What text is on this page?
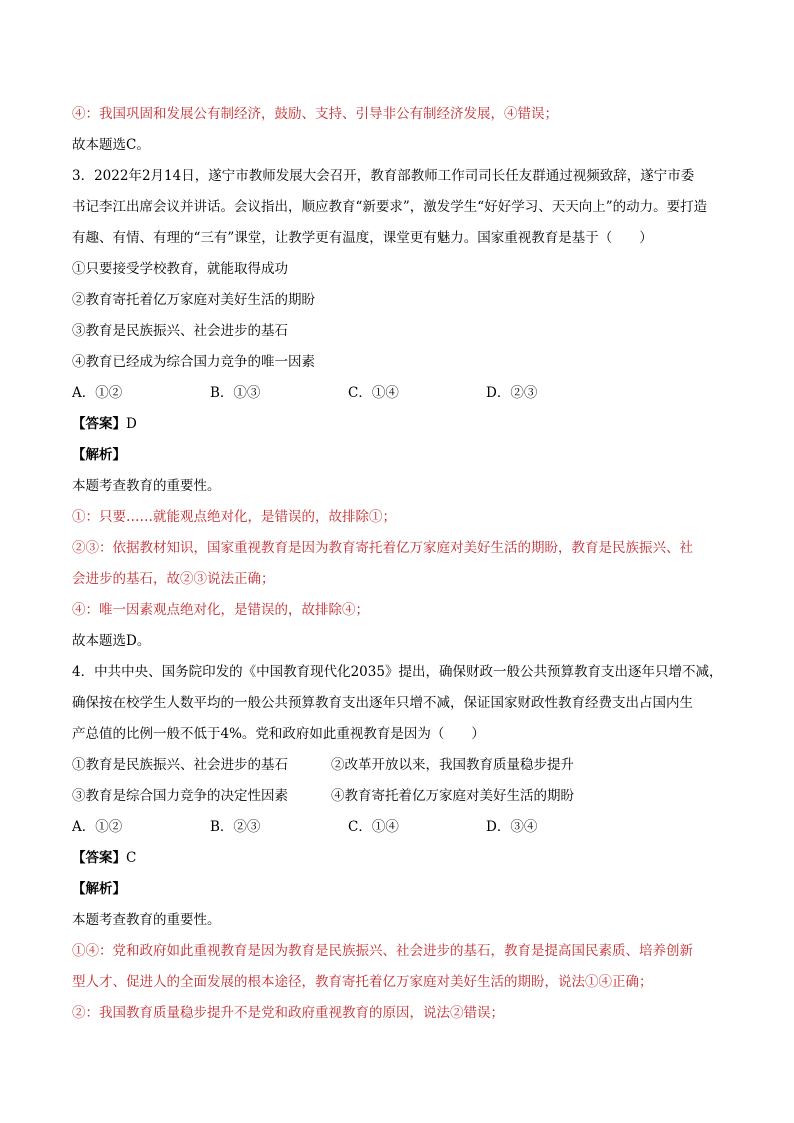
④：我国巩固和发展公有制经济，鼓励、支持、引导非公有制经济发展，④错误；
故本题选C。
3．2022年2月14日，遂宁市教师发展大会召开，教育部教师工作司司长任友群通过视频致辞，遂宁市委
书记李江出席会议并讲话。会议指出，顺应教育“新要求”，激发学生“好好学习、天天向上”的动力。要打造
有趣、有情、有理的“三有”课堂，让教学更有温度，课堂更有魅力。国家重视教育是基于（　　）
①只要接受学校教育，就能取得成功
②教育寄托着亿万家庭对美好生活的期盼
③教育是民族振兴、社会进步的基石
④教育已经成为综合国力竞争的唯一因素
A．①②	B．①③	C．①④	D．②③
【答案】D
【解析】
本题考查教育的重要性。
①：只要……就能观点绝对化，是错误的，故排除①；
②③：依据教材知识，国家重视教育是因为教育寄托着亿万家庭对美好生活的期盼，教育是民族振兴、社
会进步的基石，故②③说法正确；
④：唯一因素观点绝对化，是错误的，故排除④；
故本题选D。
4．中共中央、国务院印发的《中国教育现代化2035》提出，确保财政一般公共预算教育支出逐年只增不减，
确保按在校学生人数平均的一般公共预算教育支出逐年只增不减，保证国家财政性教育经费支出占国内生
产总值的比例一般不低于4%。党和政府如此重视教育是因为（　　）
①教育是民族振兴、社会进步的基石	②改革开放以来，我国教育质量稳步提升
③教育是综合国力竞争的决定性因素	④教育寄托着亿万家庭对美好生活的期盼
A．①②	B．②③	C．①④	D．③④
【答案】C
【解析】
本题考查教育的重要性。
①④：党和政府如此重视教育是因为教育是民族振兴、社会进步的基石，教育是提高国民素质、培养创新
型人才、促进人的全面发展的根本途径，教育寄托着亿万家庭对美好生活的期盼，说法①④正确；
②：我国教育质量稳步提升不是党和政府重视教育的原因，说法②错误；
